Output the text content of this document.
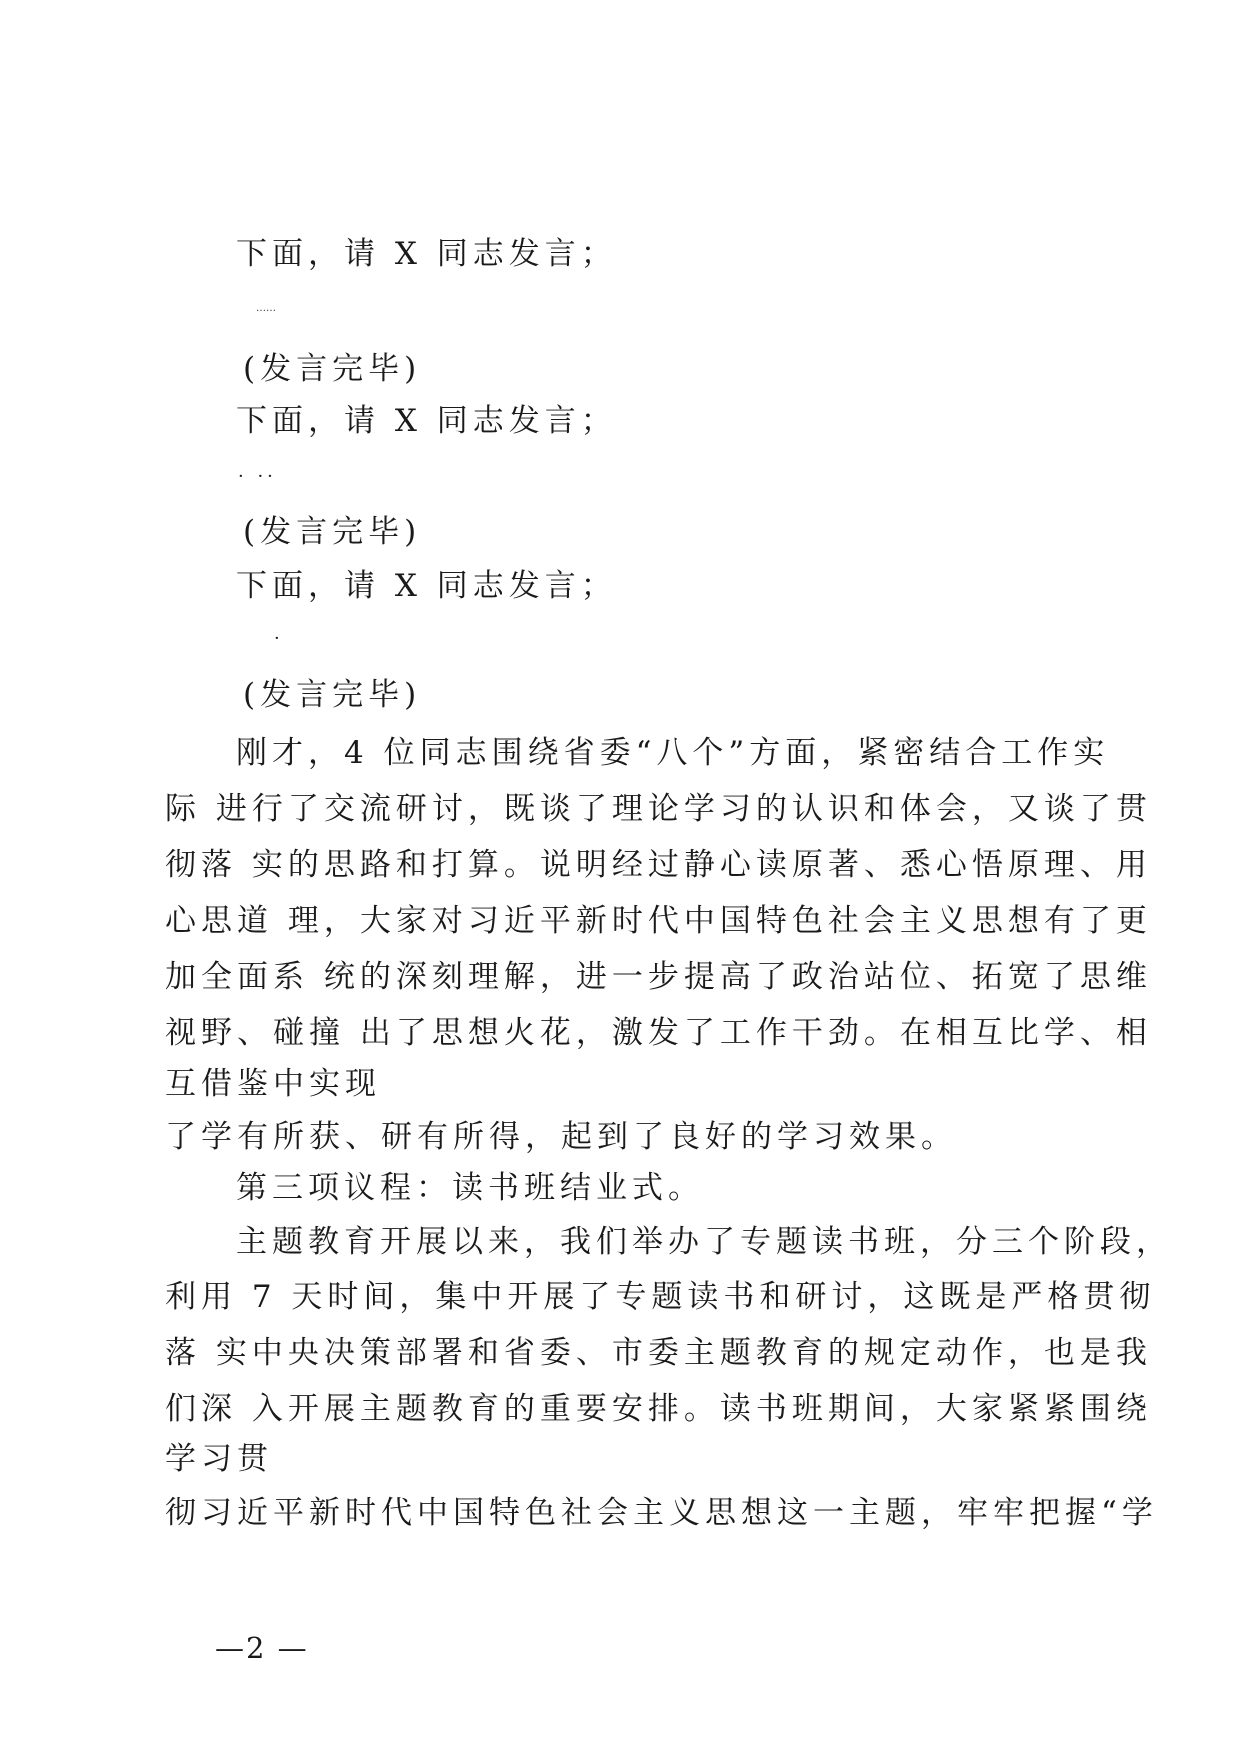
下面，请 X 同志发言；
……
(发言完毕)
下面，请 X 同志发言；
· ··
(发言完毕)
下面，请 X 同志发言；
·
(发言完毕)
刚才，4 位同志围绕省委“八个”方面，紧密结合工作实
际 进行了交流研讨，既谈了理论学习的认识和体会，又谈了贯
彻落 实的思路和打算。说明经过静心读原著、悉心悟原理、用
心思道 理，大家对习近平新时代中国特色社会主义思想有了更
加全面系 统的深刻理解，进一步提高了政治站位、拓宽了思维
视野、碰撞 出了思想火花，激发了工作干劲。在相互比学、相
互借鉴中实现
了学有所获、研有所得，起到了良好的学习效果。
第三项议程：读书班结业式。
主题教育开展以来，我们举办了专题读书班，分三个阶段，
利用 7 天时间，集中开展了专题读书和研讨，这既是严格贯彻
落 实中央决策部署和省委、市委主题教育的规定动作，也是我
们深 入开展主题教育的重要安排。读书班期间，大家紧紧围绕
学习贯
彻习近平新时代中国特色社会主义思想这一主题，牢牢把握“学
—2 —
